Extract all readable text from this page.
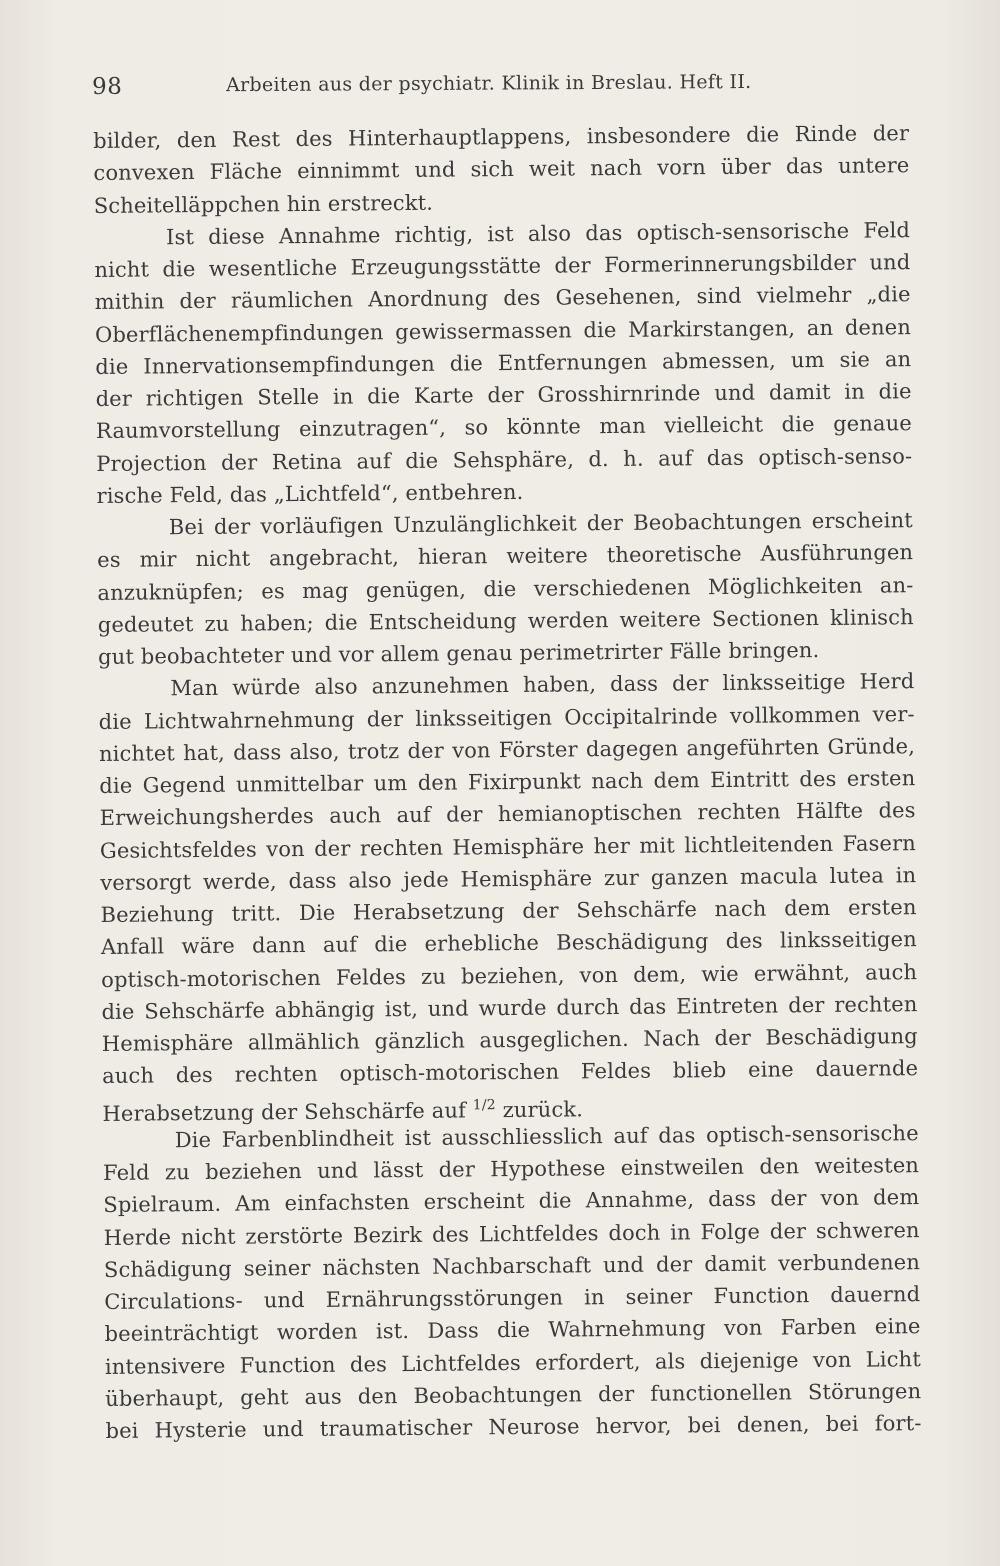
98	Arbeiten aus der psychiatr. Klinik in Breslau. Heft II.
bilder, den Rest des Hinterhauptlappens, insbesondere die Rinde der
convexen Fläche einnimmt und sich weit nach vorn über das untere
Scheitelläppchen hin erstreckt.
Ist diese Annahme richtig, ist also das optisch-sensorische Feld
nicht die wesentliche Erzeugungsstätte der Formerinnerungsbilder und
mithin der räumlichen Anordnung des Gesehenen, sind vielmehr „die
Oberflächenempfindungen gewissermassen die Markirstangen, an denen
die Innervationsempfindungen die Entfernungen abmessen, um sie an
der richtigen Stelle in die Karte der Grosshirnrinde und damit in die
Raumvorstellung einzutragen“, so könnte man vielleicht die genaue
Projection der Retina auf die Sehsphäre, d. h. auf das optisch-senso-
rische Feld, das „Lichtfeld“, entbehren.
Bei der vorläufigen Unzulänglichkeit der Beobachtungen erscheint
es mir nicht angebracht, hieran weitere theoretische Ausführungen
anzuknüpfen; es mag genügen, die verschiedenen Möglichkeiten an-
gedeutet zu haben; die Entscheidung werden weitere Sectionen klinisch
gut beobachteter und vor allem genau perimetrirter Fälle bringen.
Man würde also anzunehmen haben, dass der linksseitige Herd
die Lichtwahrnehmung der linksseitigen Occipitalrinde vollkommen ver-
nichtet hat, dass also, trotz der von Förster dagegen angeführten Gründe,
die Gegend unmittelbar um den Fixirpunkt nach dem Eintritt des ersten
Erweichungsherdes auch auf der hemianoptischen rechten Hälfte des
Gesichtsfeldes von der rechten Hemisphäre her mit lichtleitenden Fasern
versorgt werde, dass also jede Hemisphäre zur ganzen macula lutea in
Beziehung tritt. Die Herabsetzung der Sehschärfe nach dem ersten
Anfall wäre dann auf die erhebliche Beschädigung des linksseitigen
optisch-motorischen Feldes zu beziehen, von dem, wie erwähnt, auch
die Sehschärfe abhängig ist, und wurde durch das Eintreten der rechten
Hemisphäre allmählich gänzlich ausgeglichen. Nach der Beschädigung
auch des rechten optisch-motorischen Feldes blieb eine dauernde
Herabsetzung der Sehschärfe auf $^{1/2}$ zurück.
Die Farbenblindheit ist ausschliesslich auf das optisch-sensorische
Feld zu beziehen und lässt der Hypothese einstweilen den weitesten
Spielraum. Am einfachsten erscheint die Annahme, dass der von dem
Herde nicht zerstörte Bezirk des Lichtfeldes doch in Folge der schweren
Schädigung seiner nächsten Nachbarschaft und der damit verbundenen
Circulations- und Ernährungsstörungen in seiner Function dauernd
beeinträchtigt worden ist. Dass die Wahrnehmung von Farben eine
intensivere Function des Lichtfeldes erfordert, als diejenige von Licht
überhaupt, geht aus den Beobachtungen der functionellen Störungen
bei Hysterie und traumatischer Neurose hervor, bei denen, bei fort-
